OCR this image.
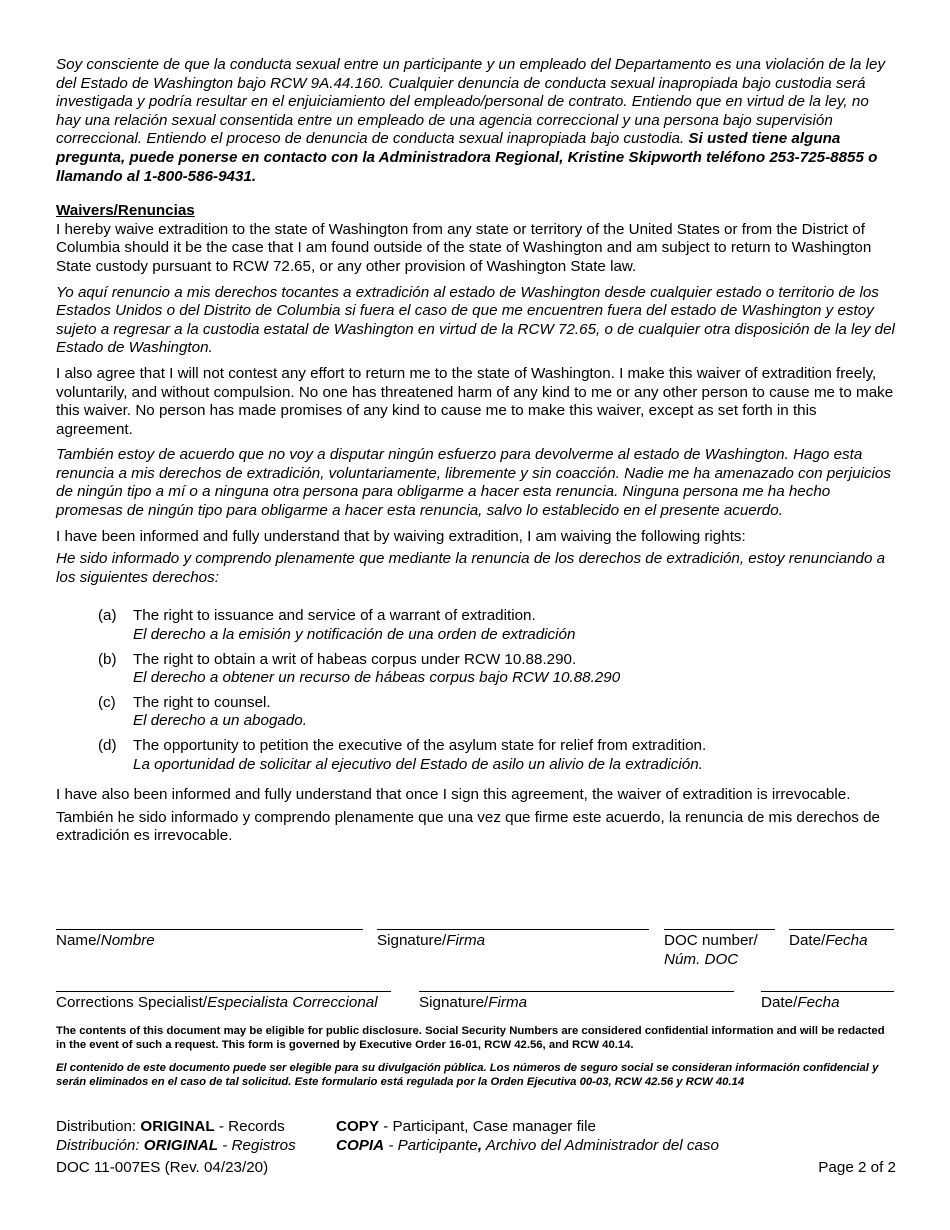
Soy consciente de que la conducta sexual entre un participante y un empleado del Departamento es una violación de la ley del Estado de Washington bajo RCW 9A.44.160. Cualquier denuncia de conducta sexual inapropiada bajo custodia será investigada y podría resultar en el enjuiciamiento del empleado/personal de contrato. Entiendo que en virtud de la ley, no hay una relación sexual consentida entre un empleado de una agencia correccional y una persona bajo supervisión correccional. Entiendo el proceso de denuncia de conducta sexual inapropiada bajo custodia. Si usted tiene alguna pregunta, puede ponerse en contacto con la Administradora Regional, Kristine Skipworth teléfono 253-725-8855 o llamando al 1-800-586-9431.

Waivers/Renuncias

I hereby waive extradition to the state of Washington from any state or territory of the United States or from the District of Columbia should it be the case that I am found outside of the state of Washington and am subject to return to Washington State custody pursuant to RCW 72.65, or any other provision of Washington State law.

Yo aquí renuncio a mis derechos tocantes a extradición al estado de Washington desde cualquier estado o territorio de los Estados Unidos o del Distrito de Columbia si fuera el caso de que me encuentren fuera del estado de Washington y estoy sujeto a regresar a la custodia estatal de Washington en virtud de la RCW 72.65, o de cualquier otra disposición de la ley del Estado de Washington.

I also agree that I will not contest any effort to return me to the state of Washington. I make this waiver of extradition freely, voluntarily, and without compulsion. No one has threatened harm of any kind to me or any other person to cause me to make this waiver. No person has made promises of any kind to cause me to make this waiver, except as set forth in this agreement.

También estoy de acuerdo que no voy a disputar ningún esfuerzo para devolverme al estado de Washington. Hago esta renuncia a mis derechos de extradición, voluntariamente, libremente y sin coacción. Nadie me ha amenazado con perjuicios de ningún tipo a mí o a ninguna otra persona para obligarme a hacer esta renuncia. Ninguna persona me ha hecho promesas de ningún tipo para obligarme a hacer esta renuncia, salvo lo establecido en el presente acuerdo.

I have been informed and fully understand that by waiving extradition, I am waiving the following rights:

He sido informado y comprendo plenamente que mediante la renuncia de los derechos de extradición, estoy renunciando a los siguientes derechos:

(a)	The right to issuance and service of a warrant of extradition.

El derecho a la emisión y notificación de una orden de extradición

(b)	The right to obtain a writ of habeas corpus under RCW 10.88.290.

El derecho a obtener un recurso de hábeas corpus bajo RCW 10.88.290

(c)	The right to counsel.

El derecho a un abogado.

(d)	The opportunity to petition the executive of the asylum state for relief from extradition.

La oportunidad de solicitar al ejecutivo del Estado de asilo un alivio de la extradición.

I have also been informed and fully understand that once I sign this agreement, the waiver of extradition is irrevocable.

También he sido informado y comprendo plenamente que una vez que firme este acuerdo, la renuncia de mis derechos de extradición es irrevocable.

Name/Nombre	Signature/Firma	DOC number/
Núm. DOC
Date/Fecha
Corrections Specialist/Especialista Correccional	Signature/Firma	Date/Fecha

The contents of this document may be eligible for public disclosure. Social Security Numbers are considered confidential information and will be redacted in the event of such a request. This form is governed by Executive Order 16-01, RCW 42.56, and RCW 40.14.

El contenido de este documento puede ser elegible para su divulgación pública. Los números de seguro social se consideran información confidencial y serán eliminados en el caso de tal solicitud. Este formulario está regulada por la Orden Ejecutiva 00-03, RCW 42.56 y RCW 40.14

Distribution: ORIGINAL - Records	COPY - Participant, Case manager file
Distribución: ORIGINAL - Registros	COPIA - Participante, Archivo del Administrador del caso
DOC 11-007ES (Rev. 04/23/20)	Page 2 of 2
